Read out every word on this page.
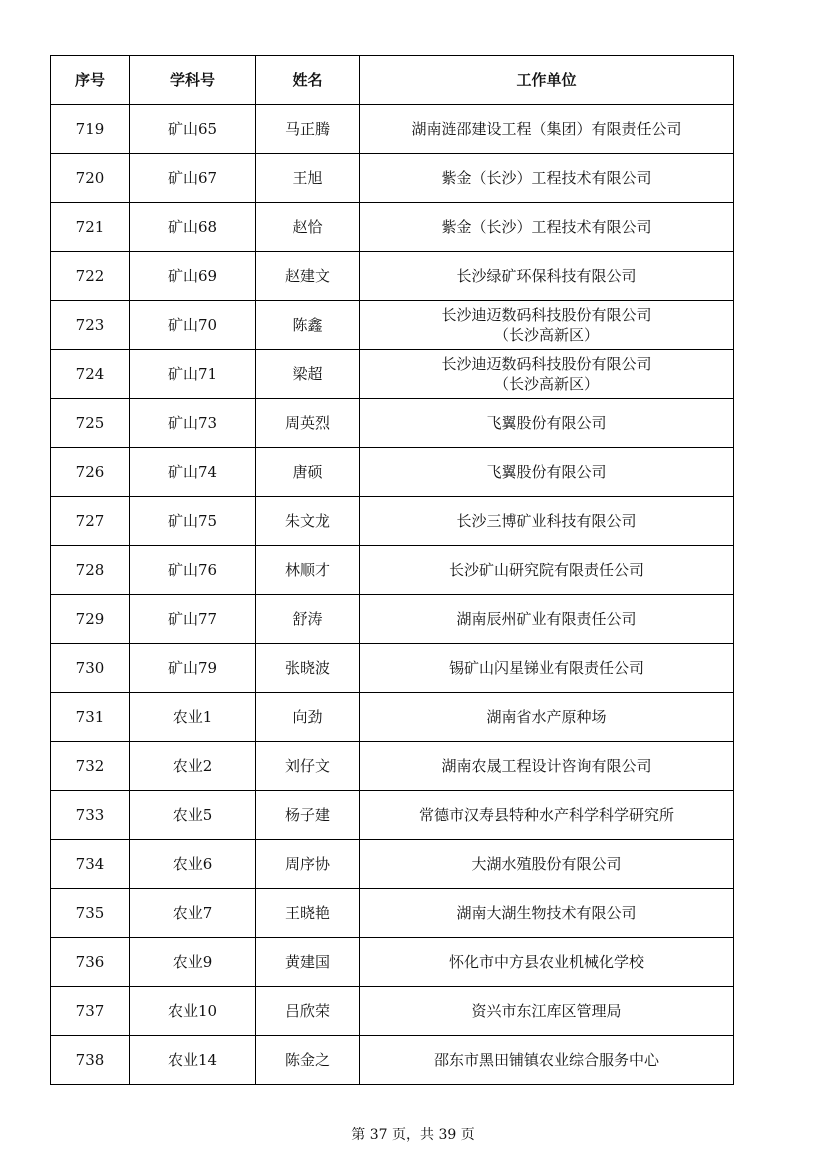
序号	学科号	姓名	工作单位
719	矿山65	马正腾	湖南涟邵建设工程（集团）有限责任公司

720	矿山67	王旭	紫金（长沙）工程技术有限公司

721	矿山68	赵恰	紫金（长沙）工程技术有限公司

722	矿山69	赵建文	长沙绿矿环保科技有限公司

723	矿山70	陈鑫	长沙迪迈数码科技股份有限公司
（长沙高新区）

724	矿山71	梁超	长沙迪迈数码科技股份有限公司
（长沙高新区）

725	矿山73	周英烈	飞翼股份有限公司

726	矿山74	唐硕	飞翼股份有限公司

727	矿山75	朱文龙	长沙三博矿业科技有限公司

728	矿山76	林顺才	长沙矿山研究院有限责任公司

729	矿山77	舒涛	湖南辰州矿业有限责任公司

730	矿山79	张晓波	锡矿山闪星锑业有限责任公司

731	农业1	向劲	湖南省水产原种场

732	农业2	刘仔文	湖南农晟工程设计咨询有限公司

733	农业5	杨子建	常德市汉寿县特种水产科学科学研究所

734	农业6	周序协	大湖水殖股份有限公司

735	农业7	王晓艳	湖南大湖生物技术有限公司

736	农业9	黄建国	怀化市中方县农业机械化学校

737	农业10	吕欣荣	资兴市东江库区管理局

738	农业14	陈金之	邵东市黑田铺镇农业综合服务中心
第 37 页，共 39 页
